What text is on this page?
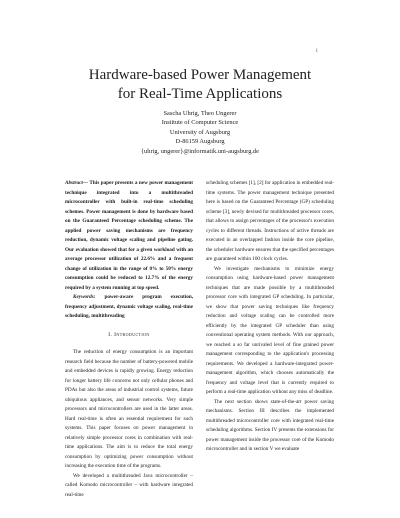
1
Hardware-based Power Management
for Real-Time Applications
Sascha Uhrig, Theo Ungerer
Institute of Computer Science
University of Augsburg
D-86159 Augsburg
{uhrig, ungerer}@informatik.uni-augsburg.de

Abstract— This paper presents a new power management technique integrated into a multithreaded microcontroller with built-in real-time scheduling schemes. Power management is done by hardware based on the Guaranteed Percentage scheduling scheme. The applied power saving mechanisms are frequency reduction, dynamic voltage scaling and pipeline gating. Our evaluation showed that for a given workload with an average processor utilization of 22.6% and a frequent change of utilization in the range of 0% to 50% energy consumption could be reduced to 12.7% of the energy required by a system running at top speed.

Keywords: power-aware program execution, frequency adjustment, dynamic voltage scaling, real-time scheduling, multithreading

I. Introduction

The reduction of energy consumption is an important research field because the number of battery-powered mobile and embedded devices is rapidly growing. Energy reduction for longer battery life concerns not only cellular phones and PDAs but also the areas of industrial control systems, future ubiquitous appliances, and sensor networks. Very simple processors and microcontrollers are used in the latter areas. Hard real-time is often an essential requirement for such systems. This paper focuses on power management in relatively simple processor cores in combination with real-time applications. The aim is to reduce the total energy consumption by optimizing power consumption without increasing the execution time of the programs.

We developed a multithreaded Java microcontroller – called Komodo microcontroller – with hardware integrated real-time

scheduling schemes [1], [2] for application in embedded real-time systems. The power management technique presented here is based on the Guaranteed Percentage (GP) scheduling scheme [3], newly devised for multithreaded processor cores, that allows to assign percentages of the processor's execution cycles to different threads. Instructions of active threads are executed in an overlapped fashion inside the core pipeline, the scheduler hardware ensures that the specified percentages are guaranteed within 100 clock cycles.

We investigate mechanisms to minimize energy consumption using hardware-based power management techniques that are made possible by a multithreaded processor core with integrated GP scheduling. In particular, we show that power saving techniques like frequency reduction and voltage scaling can be controlled more efficiently by the integrated GP scheduler than using conventional operating system methods. With our approach, we reached a so far unrivaled level of fine grained power management corresponding to the application's processing requirements. We developed a hardware-integrated power-management algorithm, which chooses automatically the frequency and voltage level that is currently required to perform a real-time application without any miss of deadline.

The next section shows state-of-the-art power saving mechanisms. Section III describes the implemented multithreaded microcontroller core with integrated real-time scheduling algorithms. Section IV presents the extensions for power management inside the processor core of the Komodo microcontroller and in section V we evaluate
